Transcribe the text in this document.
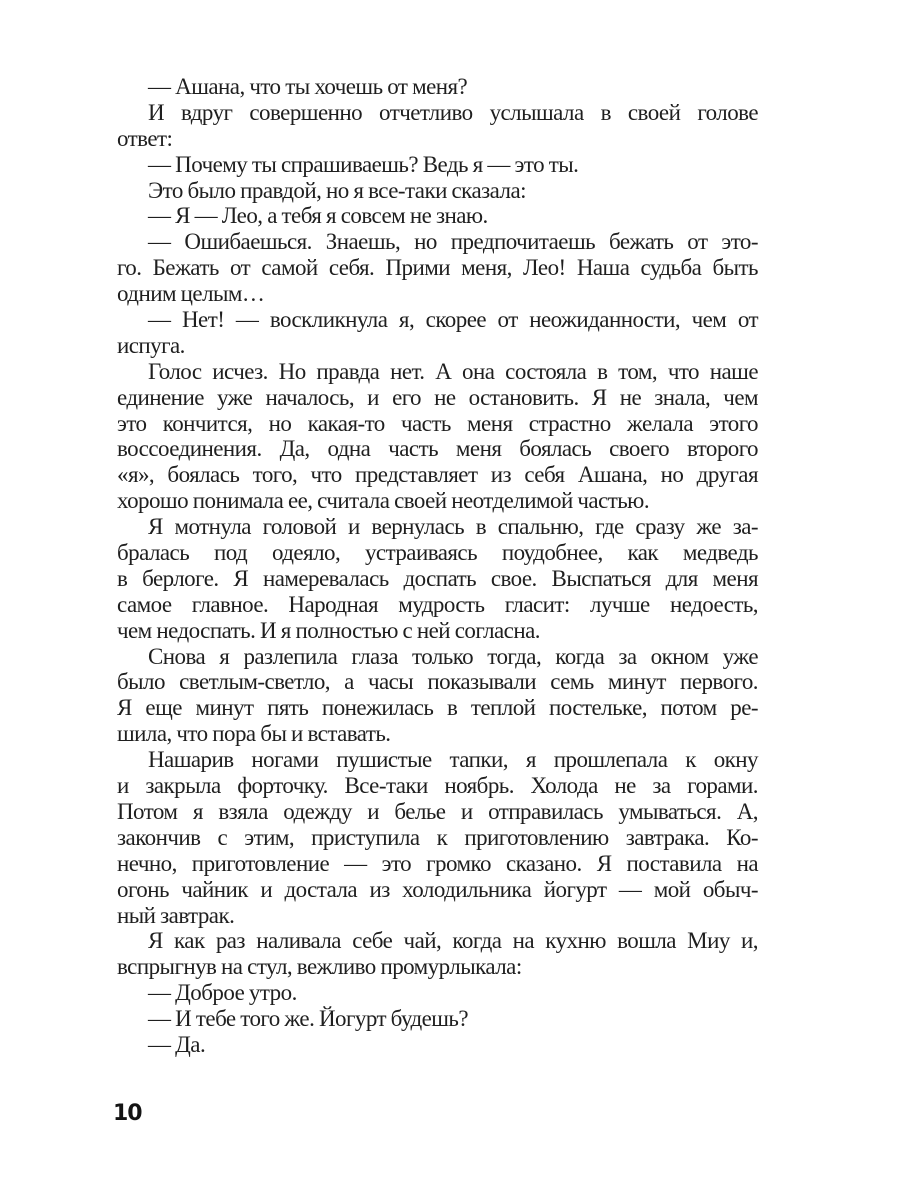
— Ашана, что ты хочешь от меня?
И вдруг совершенно отчетливо услышала в своей голове
ответ:
— Почему ты спрашиваешь? Ведь я — это ты.
Это было правдой, но я все-таки сказала:
— Я — Лео, а тебя я совсем не знаю.
— Ошибаешься. Знаешь, но предпочитаешь бежать от это-
го. Бежать от самой себя. Прими меня, Лео! Наша судьба быть
одним целым…
— Нет! — воскликнула я, скорее от неожиданности, чем от
испуга.
Голос исчез. Но правда нет. А она состояла в том, что наше
единение уже началось, и его не остановить. Я не знала, чем
это кончится, но какая-то часть меня страстно желала этого
воссоединения. Да, одна часть меня боялась своего второго
«я», боялась того, что представляет из себя Ашана, но другая
хорошо понимала ее, считала своей неотделимой частью.
Я мотнула головой и вернулась в спальню, где сразу же за-
бралась под одеяло, устраиваясь поудобнее, как медведь
в берлоге. Я намеревалась доспать свое. Выспаться для меня
самое главное. Народная мудрость гласит: лучше недоесть,
чем недоспать. И я полностью с ней согласна.
Снова я разлепила глаза только тогда, когда за окном уже
было светлым-светло, а часы показывали семь минут первого.
Я еще минут пять понежилась в теплой постельке, потом ре-
шила, что пора бы и вставать.
Нашарив ногами пушистые тапки, я прошлепала к окну
и закрыла форточку. Все-таки ноябрь. Холода не за горами.
Потом я взяла одежду и белье и отправилась умываться. А,
закончив с этим, приступила к приготовлению завтрака. Ко-
нечно, приготовление — это громко сказано. Я поставила на
огонь чайник и достала из холодильника йогурт — мой обыч-
ный завтрак.
Я как раз наливала себе чай, когда на кухню вошла Миу и,
вспрыгнув на стул, вежливо промурлыкала:
— Доброе утро.
— И тебе того же. Йогурт будешь?
— Да.
10
